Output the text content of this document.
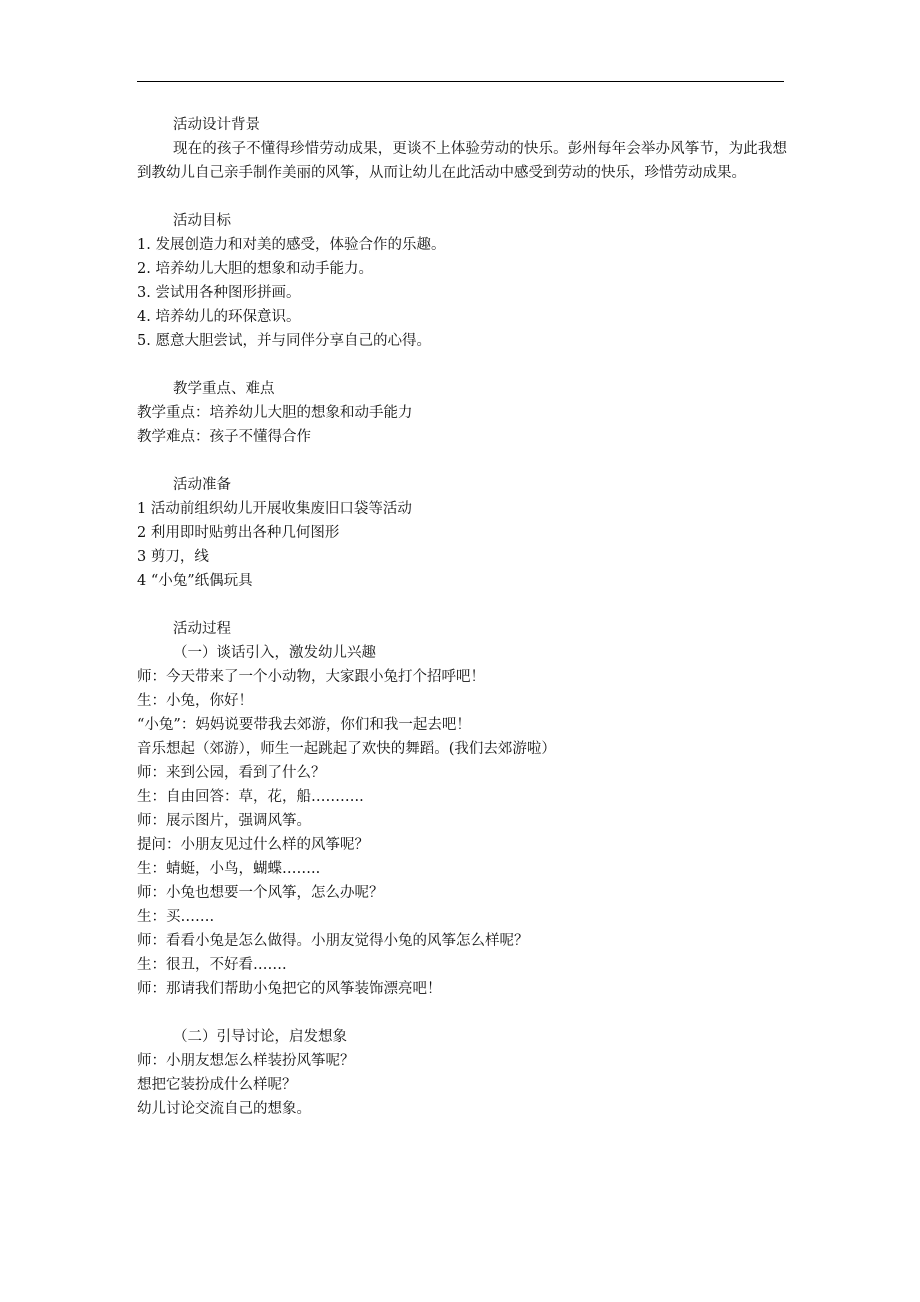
活动设计背景
现在的孩子不懂得珍惜劳动成果，更谈不上体验劳动的快乐。彭州每年会举办风筝节，为此我想到教幼儿自己亲手制作美丽的风筝，从而让幼儿在此活动中感受到劳动的快乐，珍惜劳动成果。
活动目标
1. 发展创造力和对美的感受，体验合作的乐趣。
2. 培养幼儿大胆的想象和动手能力。
3. 尝试用各种图形拼画。
4. 培养幼儿的环保意识。
5. 愿意大胆尝试，并与同伴分享自己的心得。
教学重点、难点
教学重点：培养幼儿大胆的想象和动手能力
教学难点：孩子不懂得合作
活动准备
1 活动前组织幼儿开展收集废旧口袋等活动
2 利用即时贴剪出各种几何图形
3 剪刀，线
4 “小兔”纸偶玩具
活动过程
（一）谈话引入，激发幼儿兴趣
师：今天带来了一个小动物，大家跟小兔打个招呼吧！
生：小兔，你好！
“小兔”：妈妈说要带我去郊游，你们和我一起去吧！
音乐想起（郊游），师生一起跳起了欢快的舞蹈。(我们去郊游啦）
师：来到公园，看到了什么？
生：自由回答：草，花，船………..
师：展示图片，强调风筝。
提问：小朋友见过什么样的风筝呢？
生：蜻蜓，小鸟，蝴蝶……..
师：小兔也想要一个风筝，怎么办呢？
生：买…….
师：看看小兔是怎么做得。小朋友觉得小兔的风筝怎么样呢？
生：很丑，不好看…….
师：那请我们帮助小兔把它的风筝装饰漂亮吧！
（二）引导讨论，启发想象
师：小朋友想怎么样装扮风筝呢？
想把它装扮成什么样呢？
幼儿讨论交流自己的想象。
